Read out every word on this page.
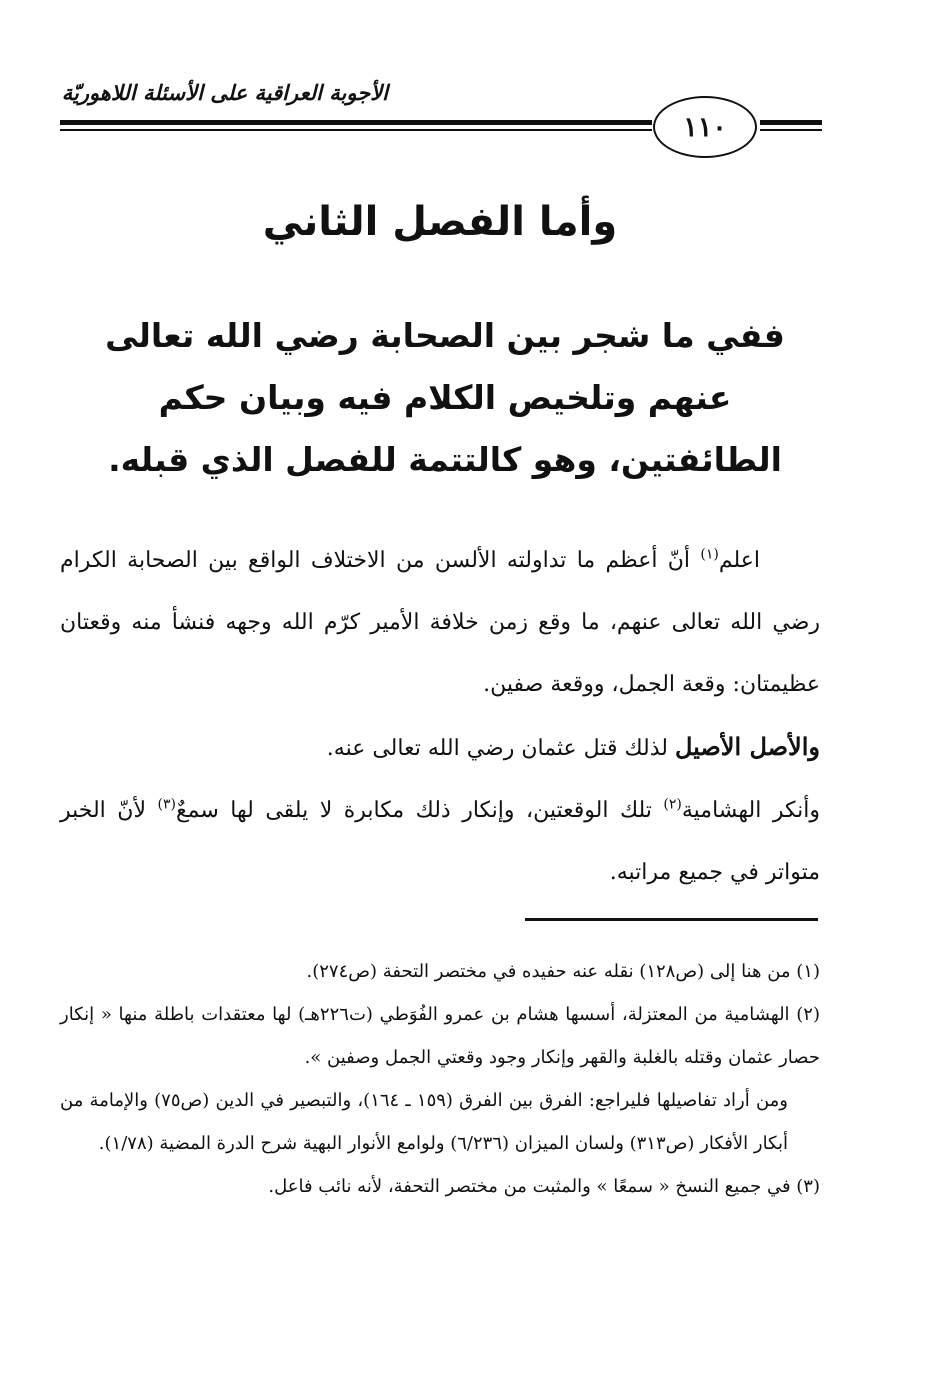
الأجوبة العراقية على الأسئلة اللاهوريّة
١١٠
وأما الفصل الثاني
ففي ما شجر بين الصحابة رضي الله تعالى عنهم وتلخيص الكلام فيه وبيان حكم الطائفتين، وهو كالتتمة للفصل الذي قبله.

اعلم$^{(١)}$ أنّ أعظم ما تداولته الألسن من الاختلاف الواقع بين الصحابة الكرام رضي الله تعالى عنهم، ما وقع زمن خلافة الأمير كرّم الله وجهه فنشأ منه وقعتان عظيمتان: وقعة الجمل، ووقعة صفين.

والأصل الأصيل لذلك قتل عثمان رضي الله تعالى عنه.

وأنكر الهشامية$^{(٢)}$ تلك الوقعتين، وإنكار ذلك مكابرة لا يلقى لها سمعٌ$^{(٣)}$ لأنّ الخبر متواتر في جميع مراتبه.

(١) من هنا إلى (ص١٢٨) نقله عنه حفيده في مختصر التحفة (ص٢٧٤).

(٢) الهشامية من المعتزلة، أسسها هشام بن عمرو الفُوَطي (ت٢٢٦هـ) لها معتقدات باطلة منها « إنكار حصار عثمان وقتله بالغلبة والقهر وإنكار وجود وقعتي الجمل وصفين ».

ومن أراد تفاصيلها فليراجع: الفرق بين الفرق (١٥٩ ـ ١٦٤)، والتبصير في الدين (ص٧٥) والإمامة من أبكار الأفكار (ص٣١٣) ولسان الميزان (٦/٢٣٦) ولوامع الأنوار البهية شرح الدرة المضية (١/٧٨).

(٣) في جميع النسخ « سمعًا » والمثبت من مختصر التحفة، لأنه نائب فاعل.
